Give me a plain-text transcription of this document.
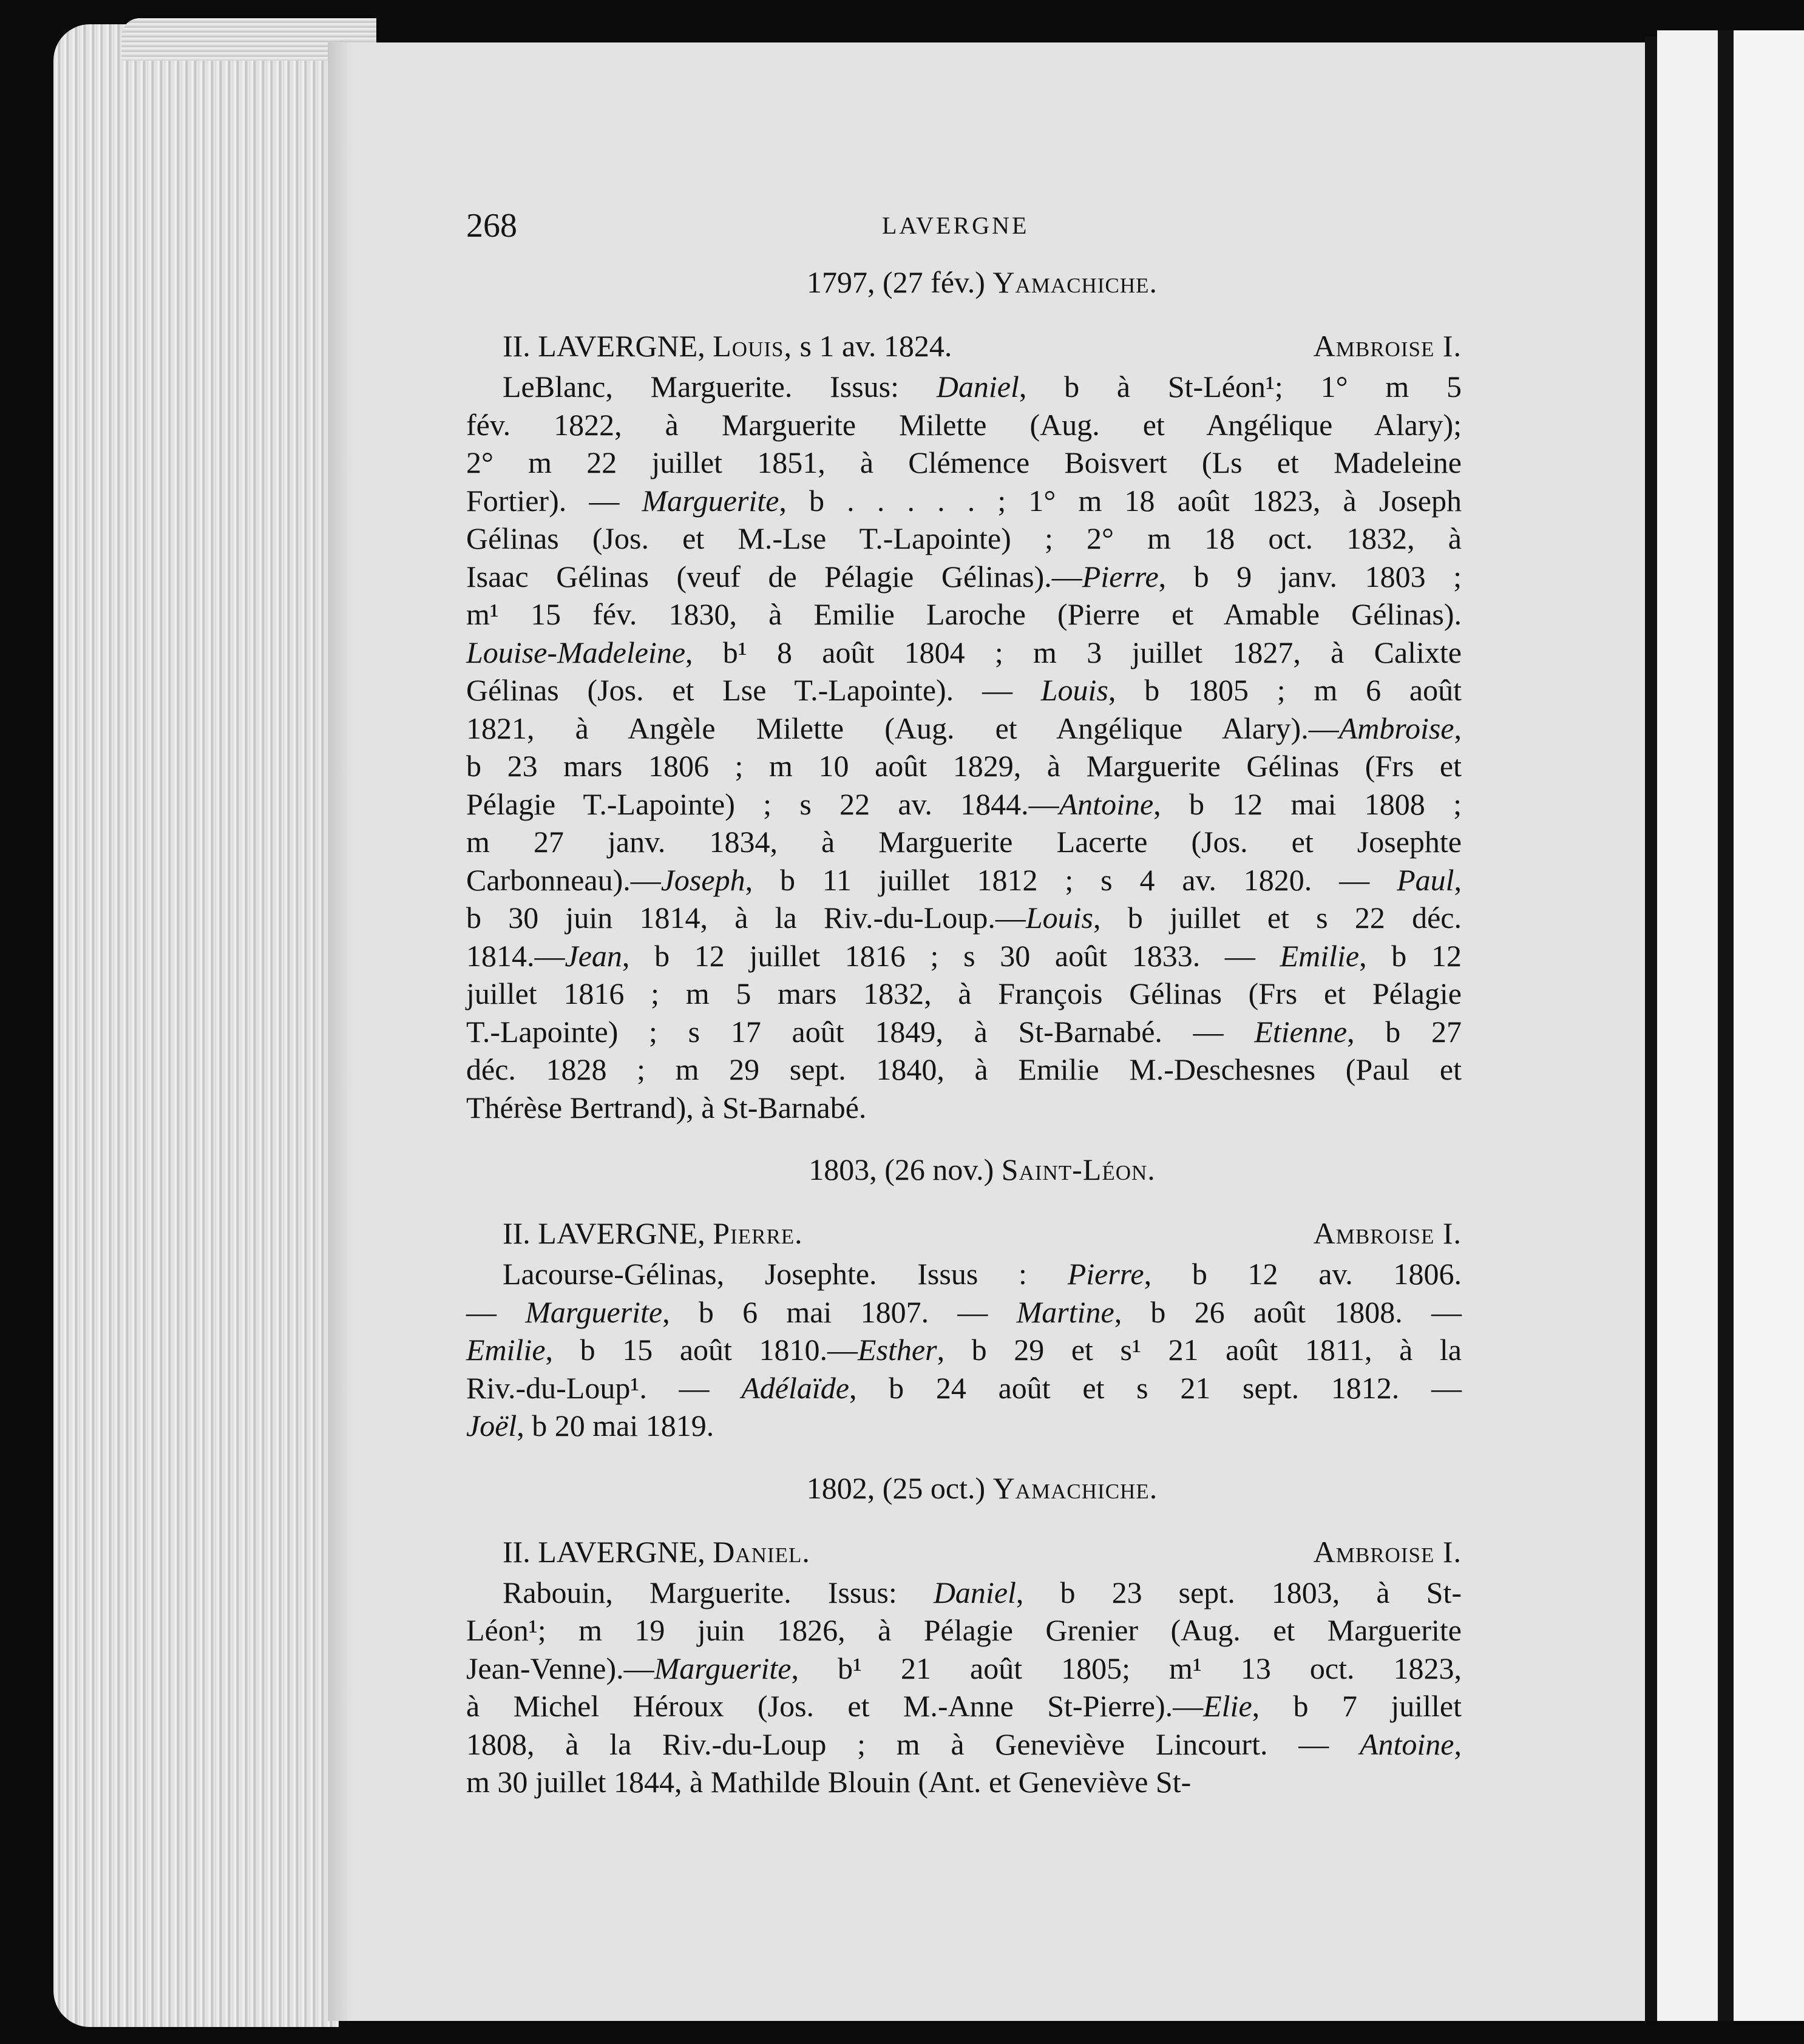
268	LAVERGNE

1797, (27 fév.) Yamachiche.

II. LAVERGNE, Louis, s 1 av. 1824.	Ambroise I.
LeBlanc, Marguerite. Issus: Daniel, b à St-Léon¹; 1° m 5
fév. 1822, à Marguerite Milette (Aug. et Angélique Alary);
2° m 22 juillet 1851, à Clémence Boisvert (Ls et Madeleine
Fortier). — Marguerite, b . . . . . ; 1° m 18 août 1823, à Joseph
Gélinas (Jos. et M.-Lse T.-Lapointe) ; 2° m 18 oct. 1832, à
Isaac Gélinas (veuf de Pélagie Gélinas).—Pierre, b 9 janv. 1803 ;
m¹ 15 fév. 1830, à Emilie Laroche (Pierre et Amable Gélinas).
Louise-Madeleine, b¹ 8 août 1804 ; m 3 juillet 1827, à Calixte
Gélinas (Jos. et Lse T.-Lapointe). — Louis, b 1805 ; m 6 août
1821, à Angèle Milette (Aug. et Angélique Alary).—Ambroise,
b 23 mars 1806 ; m 10 août 1829, à Marguerite Gélinas (Frs et
Pélagie T.-Lapointe) ; s 22 av. 1844.—Antoine, b 12 mai 1808 ;
m 27 janv. 1834, à Marguerite Lacerte (Jos. et Josephte
Carbonneau).—Joseph, b 11 juillet 1812 ; s 4 av. 1820. — Paul,
b 30 juin 1814, à la Riv.-du-Loup.—Louis, b juillet et s 22 déc.
1814.—Jean, b 12 juillet 1816 ; s 30 août 1833. — Emilie, b 12
juillet 1816 ; m 5 mars 1832, à François Gélinas (Frs et Pélagie
T.-Lapointe) ; s 17 août 1849, à St-Barnabé. — Etienne, b 27
déc. 1828 ; m 29 sept. 1840, à Emilie M.-Deschesnes (Paul et
Thérèse Bertrand), à St-Barnabé.

1803, (26 nov.) Saint-Léon.

II. LAVERGNE, Pierre.	Ambroise I.
Lacourse-Gélinas, Josephte. Issus : Pierre, b 12 av. 1806.
— Marguerite, b 6 mai 1807. — Martine, b 26 août 1808. —
Emilie, b 15 août 1810.—Esther, b 29 et s¹ 21 août 1811, à la
Riv.-du-Loup¹. — Adélaïde, b 24 août et s 21 sept. 1812. —
Joël, b 20 mai 1819.

1802, (25 oct.) Yamachiche.

II. LAVERGNE, Daniel.	Ambroise I.
Rabouin, Marguerite. Issus: Daniel, b 23 sept. 1803, à St-
Léon¹; m 19 juin 1826, à Pélagie Grenier (Aug. et Marguerite
Jean-Venne).—Marguerite, b¹ 21 août 1805; m¹ 13 oct. 1823,
à Michel Héroux (Jos. et M.-Anne St-Pierre).—Elie, b 7 juillet
1808, à la Riv.-du-Loup ; m à Geneviève Lincourt. — Antoine,
m 30 juillet 1844, à Mathilde Blouin (Ant. et Geneviève St-
